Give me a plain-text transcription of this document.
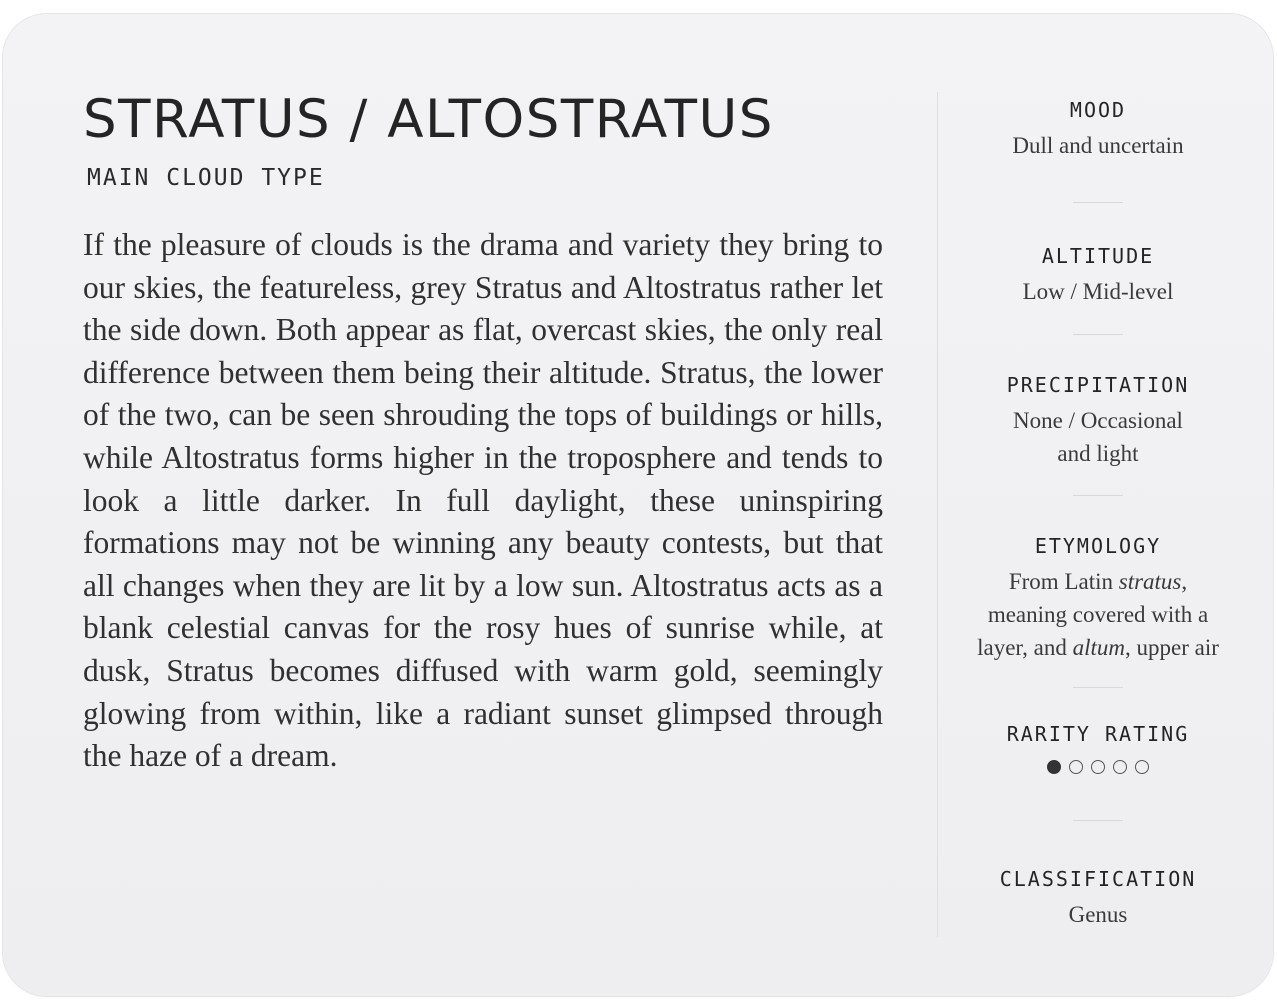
STRATUS / ALTOSTRATUS
MAIN CLOUD TYPE

If the pleasure of clouds is the drama and variety they bring to our skies, the featureless, grey Stratus and Altostratus rather let the side down. Both appear as flat, overcast skies, the only real difference between them being their altitude. Stratus, the lower of the two, can be seen shrouding the tops of buildings or hills, while Altostratus forms higher in the troposphere and tends to look a little darker. In full daylight, these uninspiring formations may not be winning any beauty contests, but that all changes when they are lit by a low sun. Altostratus acts as a blank celestial canvas for the rosy hues of sunrise while, at dusk, Stratus becomes diffused with warm gold, seemingly glowing from within, like a radiant sunset glimpsed through the haze of a dream.

MOOD
Dull and uncertain
ALTITUDE
Low / Mid-level
PRECIPITATION
None / Occasional
and light
ETYMOLOGY
From Latin stratus,
meaning covered with a
layer, and altum, upper air
RARITY RATING
CLASSIFICATION
Genus
